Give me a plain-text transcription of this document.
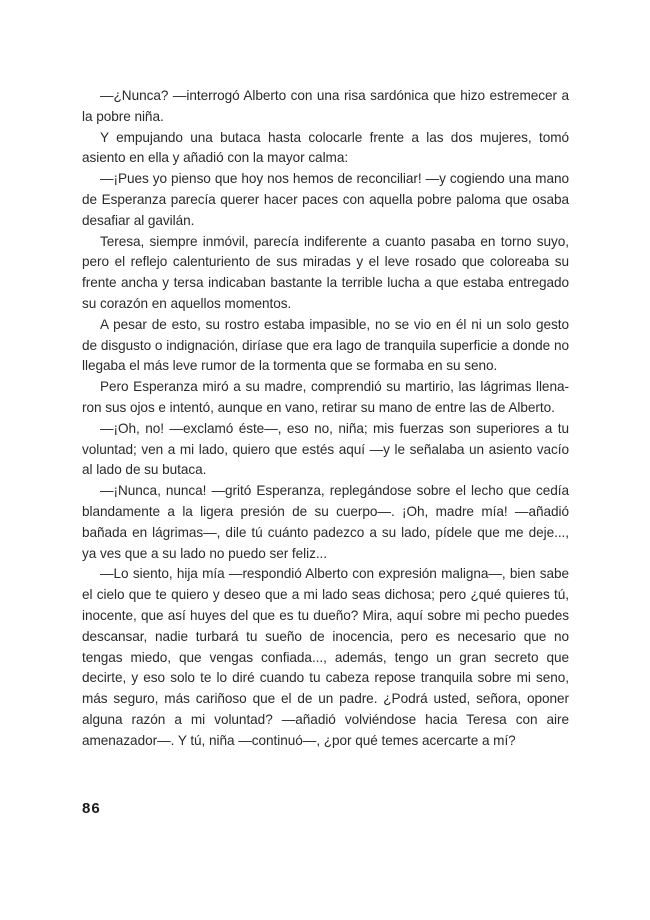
—¿Nunca? —interrogó Alberto con una risa sardónica que hizo estremecer a la pobre niña.

Y empujando una butaca hasta colocarle frente a las dos mujeres, tomó asiento en ella y añadió con la mayor calma:

—¡Pues yo pienso que hoy nos hemos de reconciliar! —y cogiendo una mano de Esperanza parecía querer hacer paces con aquella pobre paloma que osaba desafiar al gavilán.

Teresa, siempre inmóvil, parecía indiferente a cuanto pasaba en torno suyo, pero el reflejo calenturiento de sus miradas y el leve rosado que coloreaba su frente ancha y tersa indicaban bastante la terrible lucha a que estaba entregado su corazón en aquellos momentos.

A pesar de esto, su rostro estaba impasible, no se vio en él ni un solo gesto de disgusto o indignación, diríase que era lago de tranquila superficie a donde no llegaba el más leve rumor de la tormenta que se formaba en su seno.

Pero Esperanza miró a su madre, comprendió su martirio, las lágrimas llenaron sus ojos e intentó, aunque en vano, retirar su mano de entre las de Alberto.

—¡Oh, no! —exclamó éste—, eso no, niña; mis fuerzas son superiores a tu voluntad; ven a mi lado, quiero que estés aquí —y le señalaba un asiento vacío al lado de su butaca.

—¡Nunca, nunca! —gritó Esperanza, replegándose sobre el lecho que cedía blandamente a la ligera presión de su cuerpo—. ¡Oh, madre mía! —añadió bañada en lágrimas—, dile tú cuánto padezco a su lado, pídele que me deje..., ya ves que a su lado no puedo ser feliz...

—Lo siento, hija mía —respondió Alberto con expresión maligna—, bien sabe el cielo que te quiero y deseo que a mi lado seas dichosa; pero ¿qué quieres tú, inocente, que así huyes del que es tu dueño? Mira, aquí sobre mi pecho puedes descansar, nadie turbará tu sueño de inocencia, pero es necesario que no tengas miedo, que vengas confiada..., además, tengo un gran secreto que decirte, y eso solo te lo diré cuando tu cabeza repose tranquila sobre mi seno, más seguro, más cariñoso que el de un padre. ¿Podrá usted, señora, oponer alguna razón a mi voluntad? —añadió volviéndose hacia Teresa con aire amenazador—. Y tú, niña —continuó—, ¿por qué temes acercarte a mí?

86
